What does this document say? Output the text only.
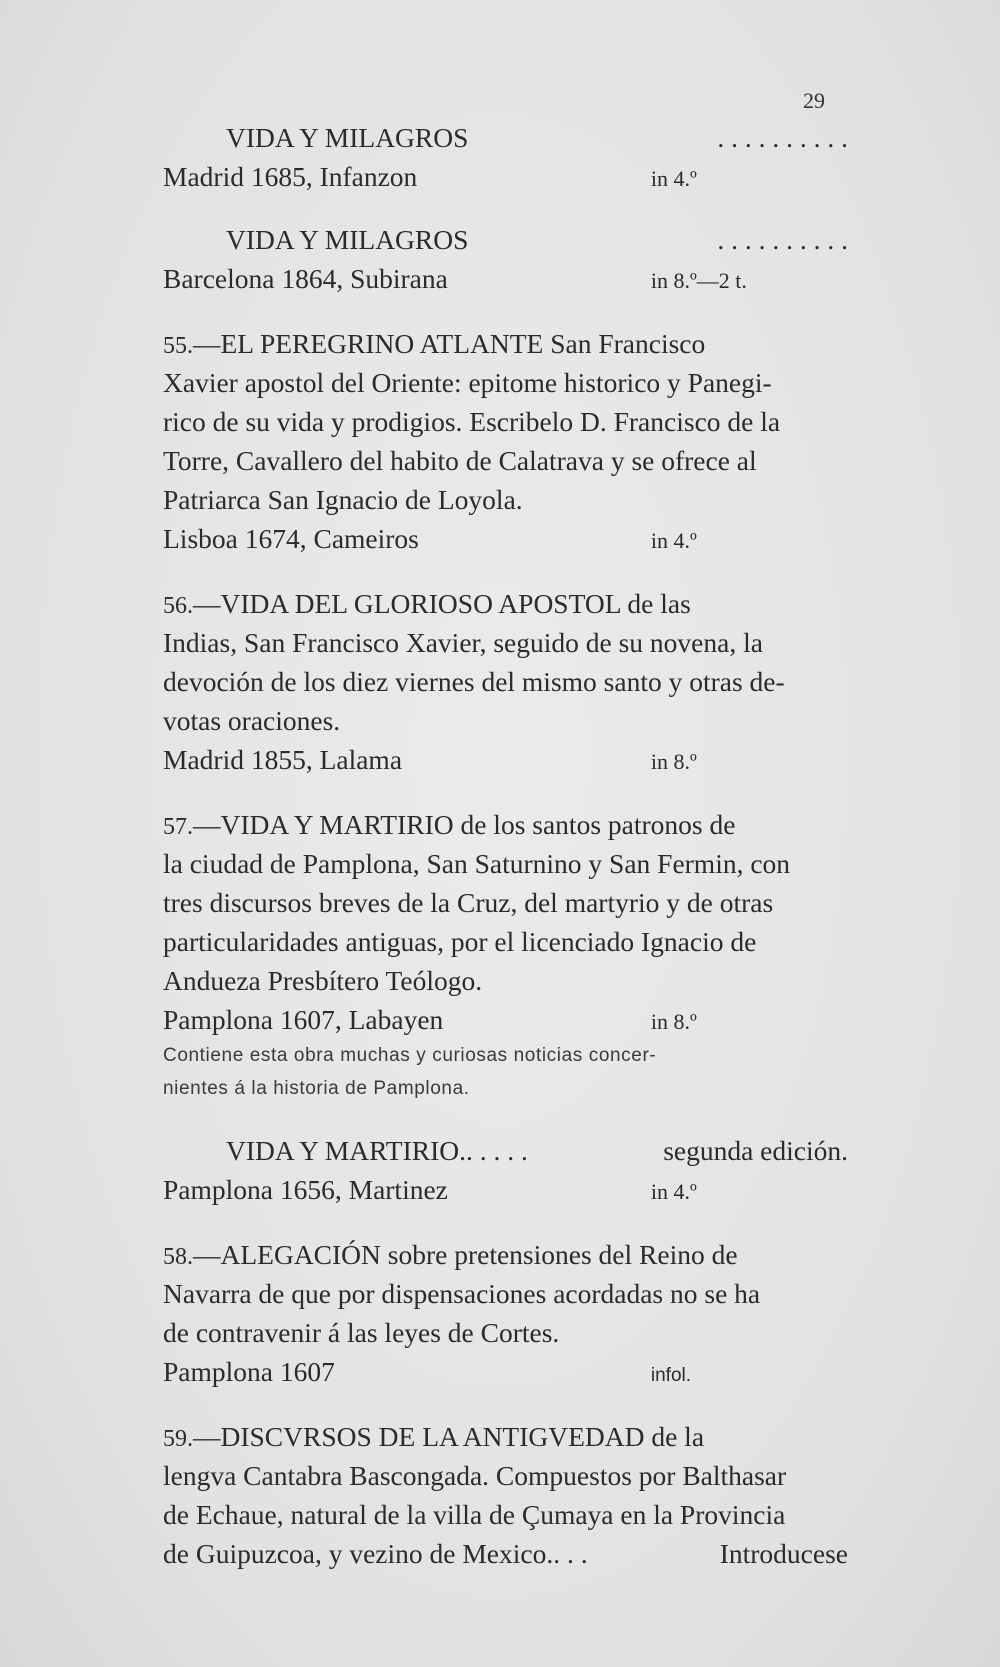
29
VIDA Y MILAGROS	. . . . . . . . . .
Madrid 1685, Infanzon	in 4.º
VIDA Y MILAGROS	. . . . . . . . . .
Barcelona 1864, Subirana	in 8.º—2 t.
55.—EL PEREGRINO ATLANTE San Francisco
Xavier apostol del Oriente: epitome historico y Panegi-
rico de su vida y prodigios. Escribelo D. Francisco de la
Torre, Cavallero del habito de Calatrava y se ofrece al
Patriarca San Ignacio de Loyola.
Lisboa 1674, Cameiros	in 4.º
56.—VIDA DEL GLORIOSO APOSTOL de las
Indias, San Francisco Xavier, seguido de su novena, la
devoción de los diez viernes del mismo santo y otras de-
votas oraciones.
Madrid 1855, Lalama	in 8.º
57.—VIDA Y MARTIRIO de los santos patronos de
la ciudad de Pamplona, San Saturnino y San Fermin, con
tres discursos breves de la Cruz, del martyrio y de otras
particularidades antiguas, por el licenciado Ignacio de
Andueza Presbítero Teólogo.
Pamplona 1607, Labayen	in 8.º
Contiene esta obra muchas y curiosas noticias concer-
nientes á la historia de Pamplona.
VIDA Y MARTIRIO.. . . . .	segunda edición.
Pamplona 1656, Martinez	in 4.º
58.—ALEGACIÓN sobre pretensiones del Reino de
Navarra de que por dispensaciones acordadas no se ha
de contravenir á las leyes de Cortes.
Pamplona 1607	infol.
59.—DISCVRSOS DE LA ANTIGVEDAD de la
lengva Cantabra Bascongada. Compuestos por Balthasar
de Echaue, natural de la villa de Çumaya en la Provincia
de Guipuzcoa, y vezino de Mexico.. . .	Introducese
